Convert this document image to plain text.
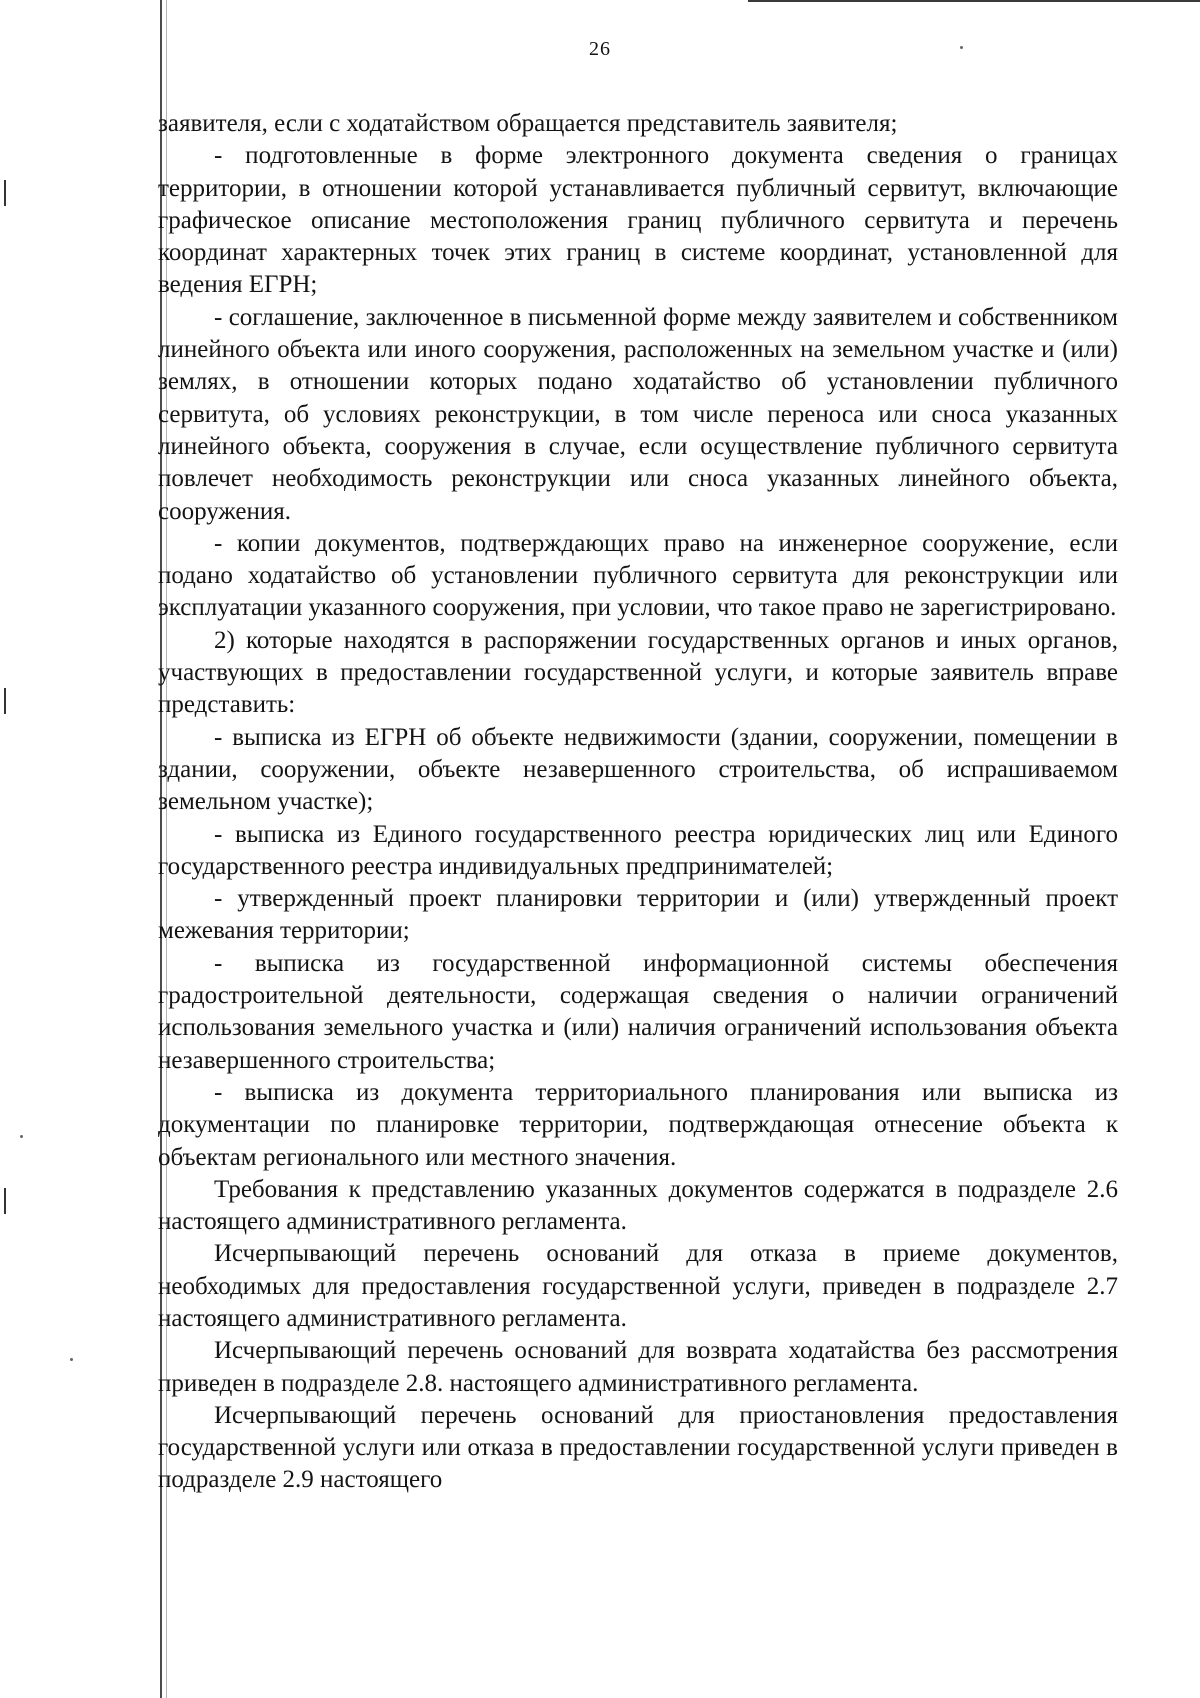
26

заявителя, если с ходатайством обращается представитель заявителя;

- подготовленные в форме электронного документа сведения о границах территории, в отношении которой устанавливается публичный сервитут, включающие графическое описание местоположения границ публичного сервитута и перечень координат характерных точек этих границ в системе координат, установленной для ведения ЕГРН;

- соглашение, заключенное в письменной форме между заявителем и собственником линейного объекта или иного сооружения, расположенных на земельном участке и (или) землях, в отношении которых подано ходатайство об установлении публичного сервитута, об условиях реконструкции, в том числе переноса или сноса указанных линейного объекта, сооружения в случае, если осуществление публичного сервитута повлечет необходимость реконструкции или сноса указанных линейного объекта, сооружения.

- копии документов, подтверждающих право на инженерное сооружение, если подано ходатайство об установлении публичного сервитута для реконструкции или эксплуатации указанного сооружения, при условии, что такое право не зарегистрировано.

2) которые находятся в распоряжении государственных органов и иных органов, участвующих в предоставлении государственной услуги, и которые заявитель вправе представить:

- выписка из ЕГРН об объекте недвижимости (здании, сооружении, помещении в здании, сооружении, объекте незавершенного строительства, об испрашиваемом земельном участке);

- выписка из Единого государственного реестра юридических лиц или Единого государственного реестра индивидуальных предпринимателей;

- утвержденный проект планировки территории и (или) утвержденный проект межевания территории;

- выписка из государственной информационной системы обеспечения градостроительной деятельности, содержащая сведения о наличии ограничений использования земельного участка и (или) наличия ограничений использования объекта незавершенного строительства;

- выписка из документа территориального планирования или выписка из документации по планировке территории, подтверждающая отнесение объекта к объектам регионального или местного значения.

Требования к представлению указанных документов содержатся в подразделе 2.6 настоящего административного регламента.

Исчерпывающий перечень оснований для отказа в приеме документов, необходимых для предоставления государственной услуги, приведен в подразделе 2.7 настоящего административного регламента.

Исчерпывающий перечень оснований для возврата ходатайства без рассмотрения приведен в подразделе 2.8. настоящего административного регламента.

Исчерпывающий перечень оснований для приостановления предоставления государственной услуги или отказа в предоставлении государственной услуги приведен в подразделе 2.9 настоящего
